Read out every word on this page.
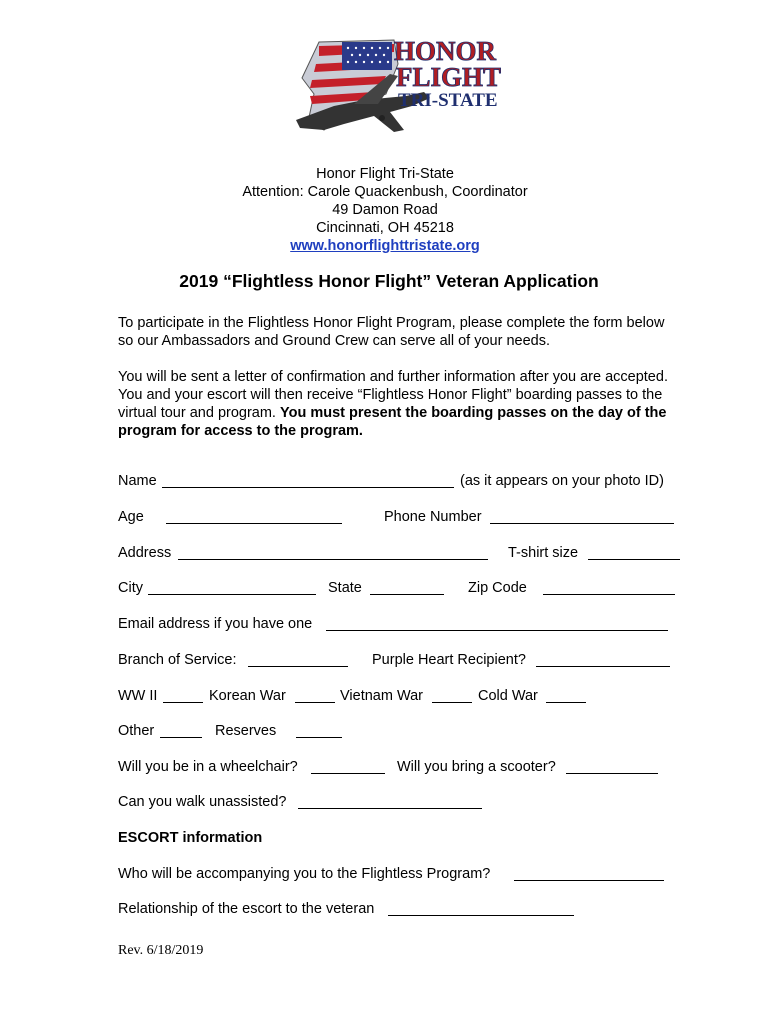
HONOR
FLIGHT
TRI-STATE
Honor Flight Tri-State
Attention: Carole Quackenbush, Coordinator
49 Damon Road
Cincinnati, OH 45218
www.honorflighttristate.org
2019 “Flightless Honor Flight” Veteran Application
To participate in the Flightless Honor Flight Program, please complete the form below so our Ambassadors and Ground Crew can serve all of your needs.
You will be sent a letter of confirmation and further information after you are accepted. You and your escort will then receive “Flightless Honor Flight” boarding passes to the virtual tour and program. You must present the boarding passes on the day of the program for access to the program.
Name	(as it appears on your photo ID)
Age	Phone Number
Address	T-shirt size
City	State	Zip Code
Email address if you have one
Branch of Service:	Purple Heart Recipient?
WW II	Korean War	Vietnam War	Cold War
Other	Reserves
Will you be in a wheelchair?	Will you bring a scooter?
Can you walk unassisted?
ESCORT information
Who will be accompanying you to the Flightless Program?
Relationship of the escort to the veteran
Rev. 6/18/2019
